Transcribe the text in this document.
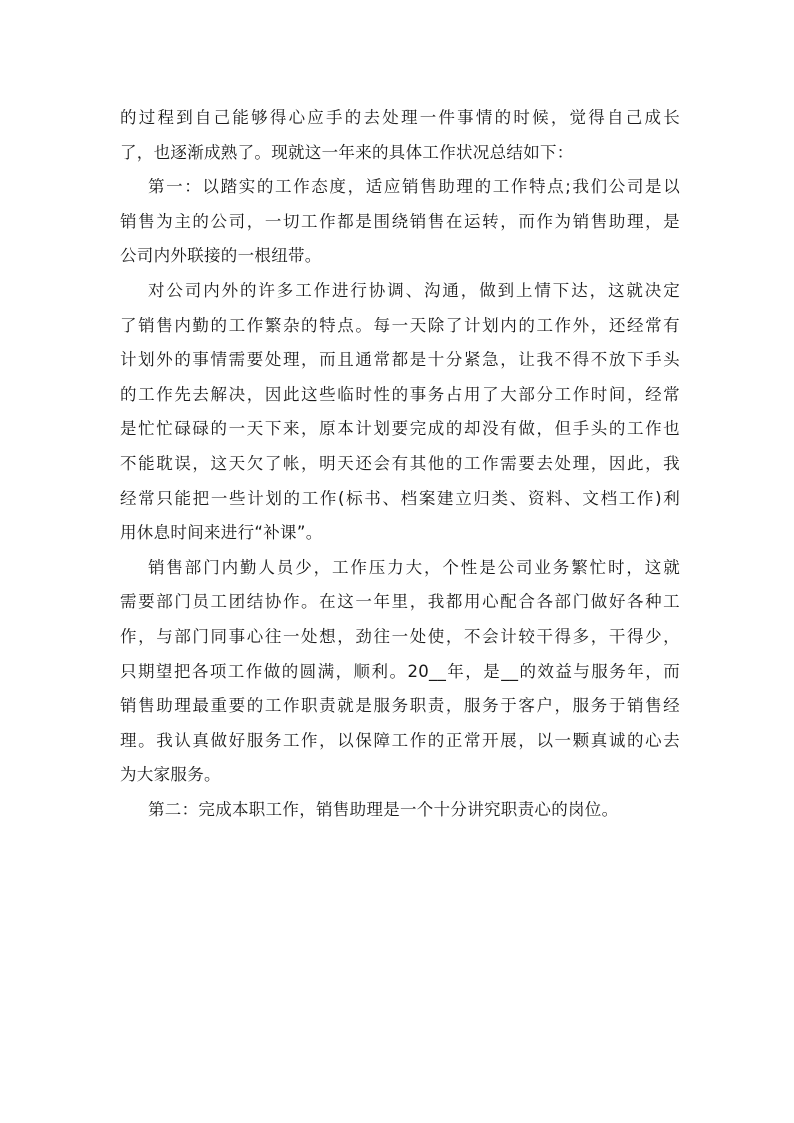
的过程到自己能够得心应手的去处理一件事情的时候，觉得自己成长
了，也逐渐成熟了。现就这一年来的具体工作状况总结如下：
第一：以踏实的工作态度，适应销售助理的工作特点;我们公司是以
销售为主的公司，一切工作都是围绕销售在运转，而作为销售助理，是
公司内外联接的一根纽带。
对公司内外的许多工作进行协调、沟通，做到上情下达，这就决定
了销售内勤的工作繁杂的特点。每一天除了计划内的工作外，还经常有
计划外的事情需要处理，而且通常都是十分紧急，让我不得不放下手头
的工作先去解决，因此这些临时性的事务占用了大部分工作时间，经常
是忙忙碌碌的一天下来，原本计划要完成的却没有做，但手头的工作也
不能耽误，这天欠了帐，明天还会有其他的工作需要去处理，因此，我
经常只能把一些计划的工作(标书、档案建立归类、资料、文档工作)利
用休息时间来进行“补课”。
销售部门内勤人员少，工作压力大，个性是公司业务繁忙时，这就
需要部门员工团结协作。在这一年里，我都用心配合各部门做好各种工
作，与部门同事心往一处想，劲往一处使，不会计较干得多，干得少，
只期望把各项工作做的圆满，顺利。20__年，是__的效益与服务年，而
销售助理最重要的工作职责就是服务职责，服务于客户，服务于销售经
理。我认真做好服务工作，以保障工作的正常开展，以一颗真诚的心去
为大家服务。
第二：完成本职工作，销售助理是一个十分讲究职责心的岗位。
